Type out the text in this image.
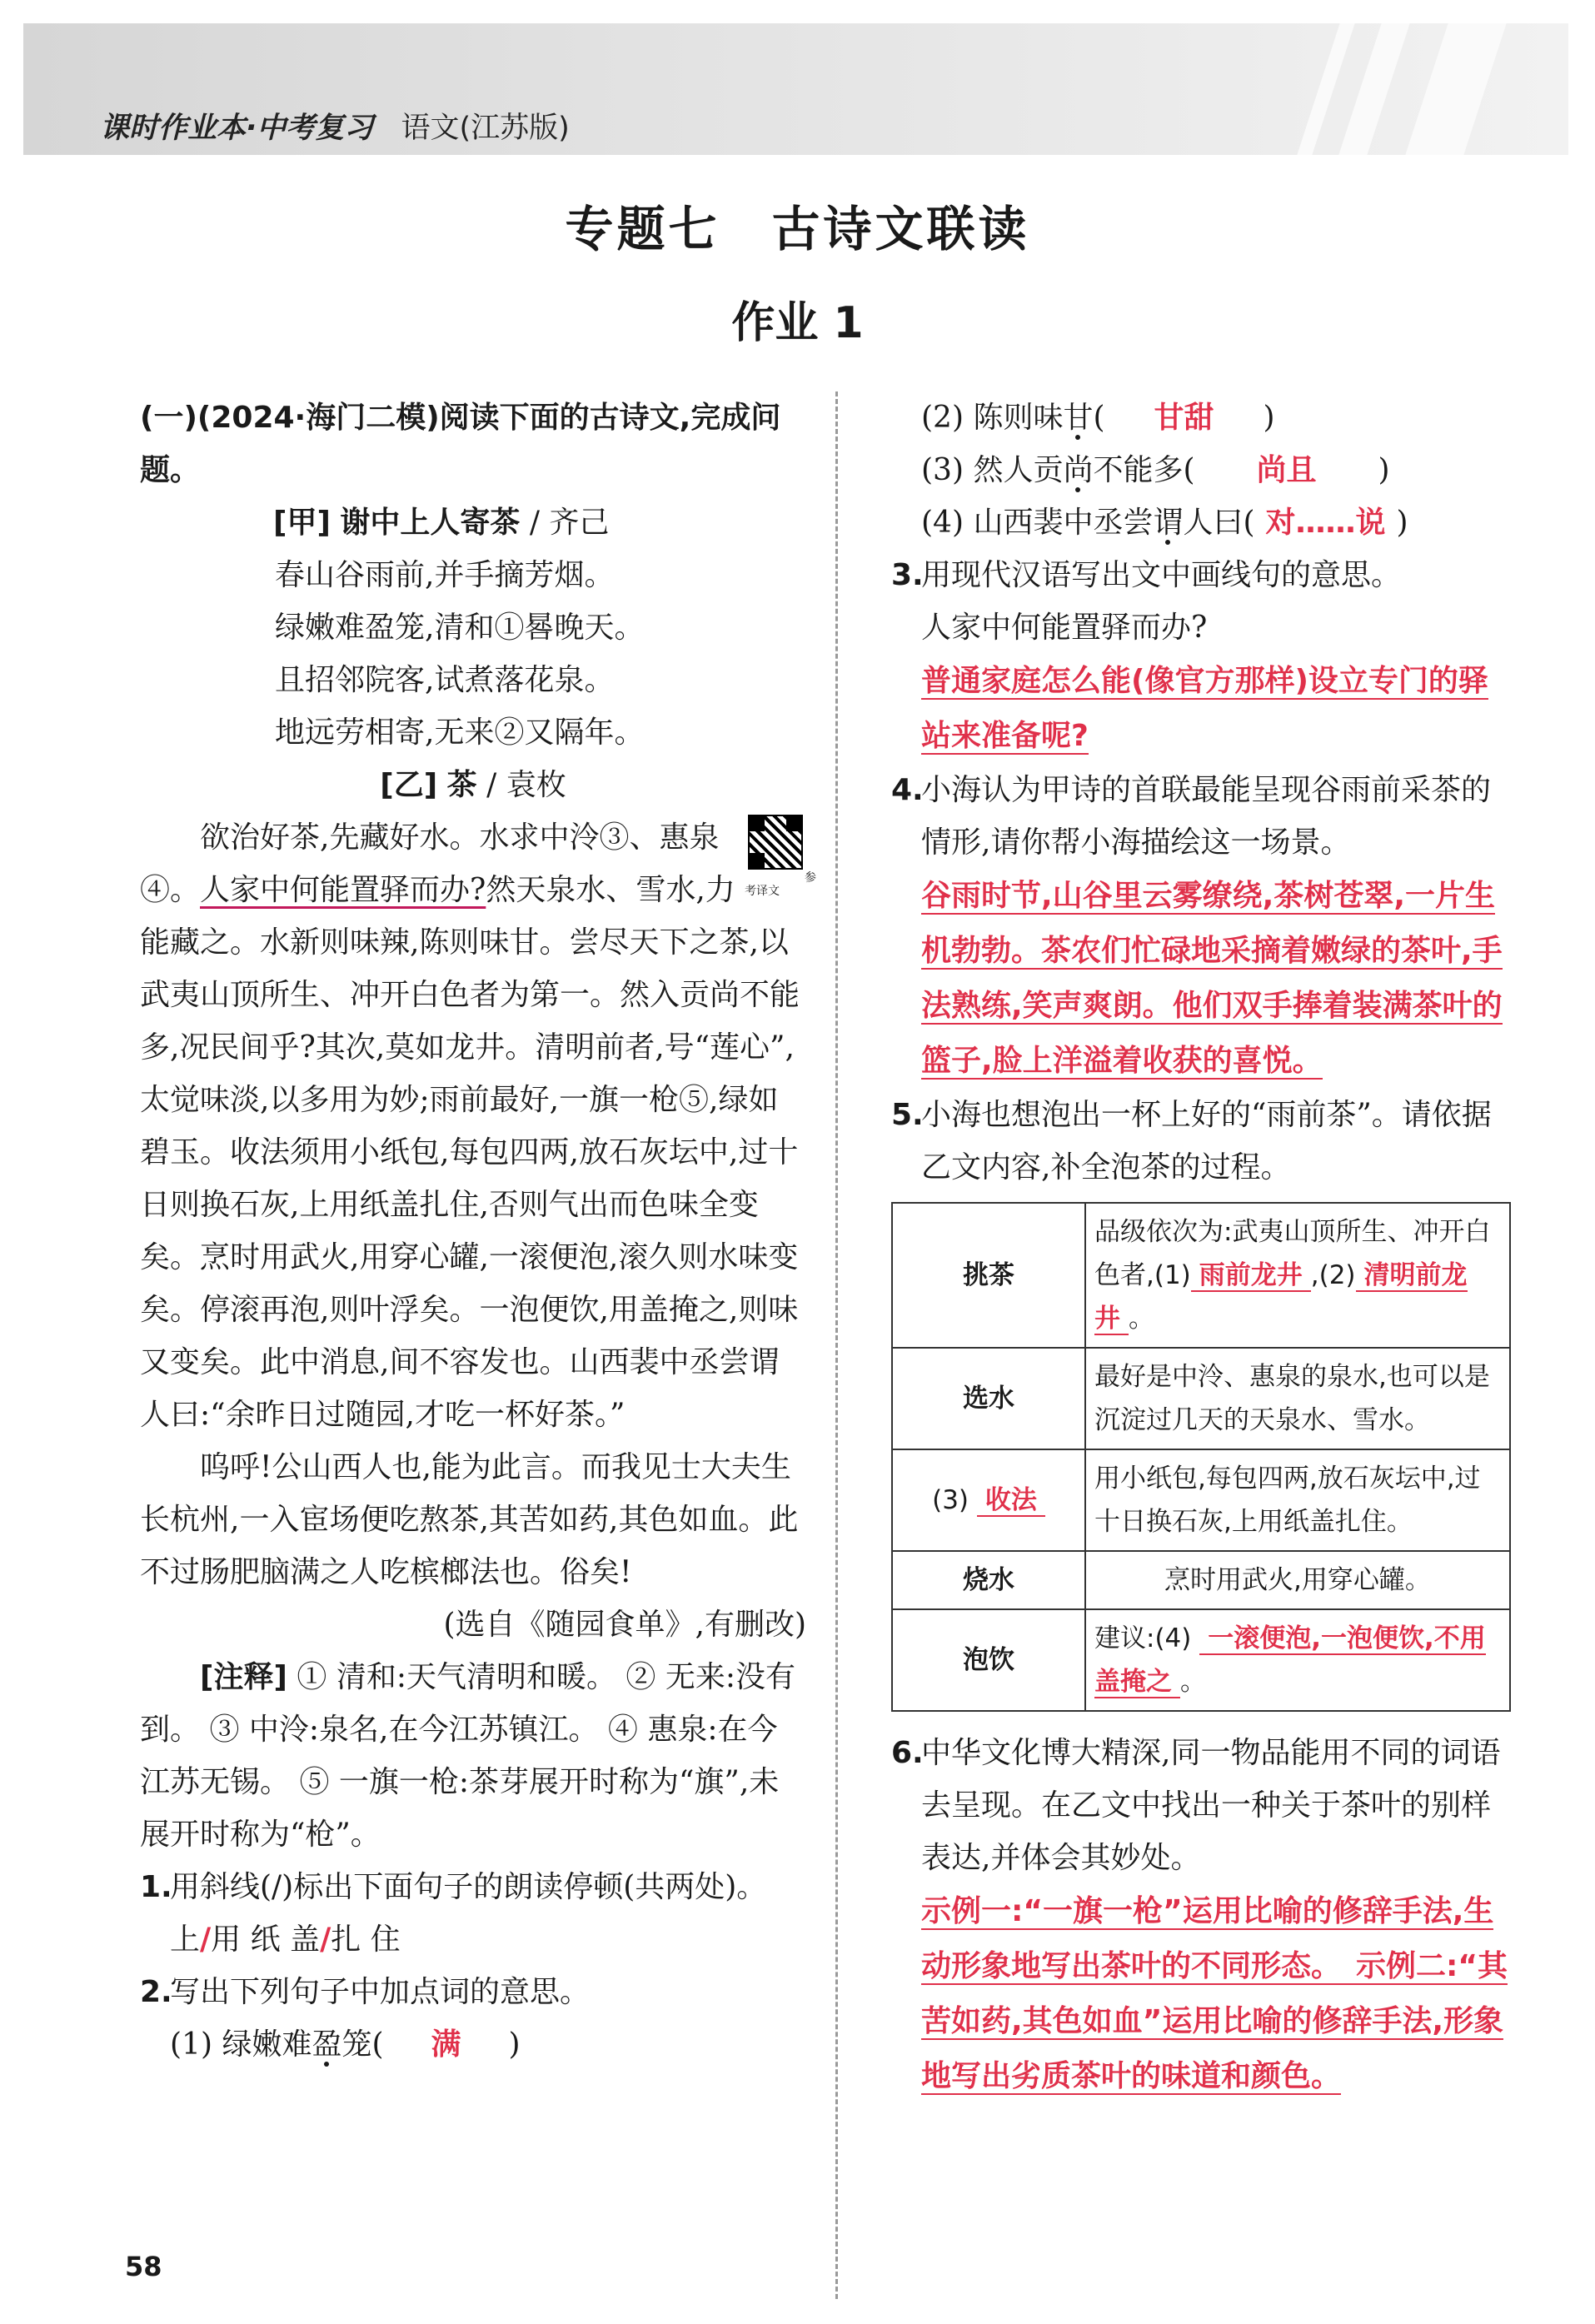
课时作业本·中考复习 语文(江苏版)
专题七　古诗文联读
作业 1

(一)(2024·海门二模)阅读下面的古诗文,完成问题。

[甲] 谢中上人寄茶 / 齐己

春山谷雨前,并手摘芳烟。

绿嫩难盈笼,清和①晷晚天。

且招邻院客,试煮落花泉。

地远劳相寄,无来②又隔年。

[乙] 茶 / 袁枚

参考译文
欲治好茶,先藏好水。水求中泠③、惠泉④。人家中何能置驿而办?然天泉水、雪水,力能藏之。水新则味辣,陈则味甘。尝尽天下之茶,以武夷山顶所生、冲开白色者为第一。然入贡尚不能多,况民间乎?其次,莫如龙井。清明前者,号“莲心”,太觉味淡,以多用为妙;雨前最好,一旗一枪⑤,绿如碧玉。收法须用小纸包,每包四两,放石灰坛中,过十日则换石灰,上用纸盖扎住,否则气出而色味全变矣。烹时用武火,用穿心罐,一滚便泡,滚久则水味变矣。停滚再泡,则叶浮矣。一泡便饮,用盖掩之,则味又变矣。此中消息,间不容发也。山西裴中丞尝谓人曰:“余昨日过随园,才吃一杯好茶。”

呜呼!公山西人也,能为此言。而我见士大夫生长杭州,一入宦场便吃熬茶,其苦如药,其色如血。此不过肠肥脑满之人吃槟榔法也。俗矣!

(选自《随园食单》,有删改)

[注释] ① 清和:天气清明和暖。 ② 无来:没有到。 ③ 中泠:泉名,在今江苏镇江。 ④ 惠泉:在今江苏无锡。 ⑤ 一旗一枪:茶芽展开时称为“旗”,未展开时称为“枪”。

1.
用斜线(/)标出下面句子的朗读停顿(共两处)。

上/用 纸 盖/扎 住

2.
写出下列句子中加点词的意思。

(1) 绿嫩难盈笼( 满 )

(2) 陈则味甘( 甘甜 )

(3) 然人贡尚不能多( 尚且 )

(4) 山西裴中丞尝谓人曰( 对……说 )

3.
用现代汉语写出文中画线句的意思。

人家中何能置驿而办?

普通家庭怎么能(像官方那样)设立专门的驿站来准备呢?

4.
小海认为甲诗的首联最能呈现谷雨前采茶的情形,请你帮小海描绘这一场景。

谷雨时节,山谷里云雾缭绕,茶树苍翠,一片生机勃勃。茶农们忙碌地采摘着嫩绿的茶叶,手法熟练,笑声爽朗。他们双手捧着装满茶叶的篮子,脸上洋溢着收获的喜悦。

5.
小海也想泡出一杯上好的“雨前茶”。请依据乙文内容,补全泡茶的过程。
挑茶	品级依次为:武夷山顶所生、冲开白色者,(1) 雨前龙井 ,(2) 清明前龙井 。
选水	最好是中泠、惠泉的泉水,也可以是沉淀过几天的天泉水、雪水。
(3) 收法	用小纸包,每包四两,放石灰坛中,过十日换石灰,上用纸盖扎住。
烧水	烹时用武火,用穿心罐。
泡饮	建议:(4) 一滚便泡,一泡便饮,不用盖掩之 。
6.
中华文化博大精深,同一物品能用不同的词语去呈现。在乙文中找出一种关于茶叶的别样表达,并体会其妙处。

示例一:“一旗一枪”运用比喻的修辞手法,生动形象地写出茶叶的不同形态。　示例二:“其苦如药,其色如血”运用比喻的修辞手法,形象地写出劣质茶叶的味道和颜色。

58
